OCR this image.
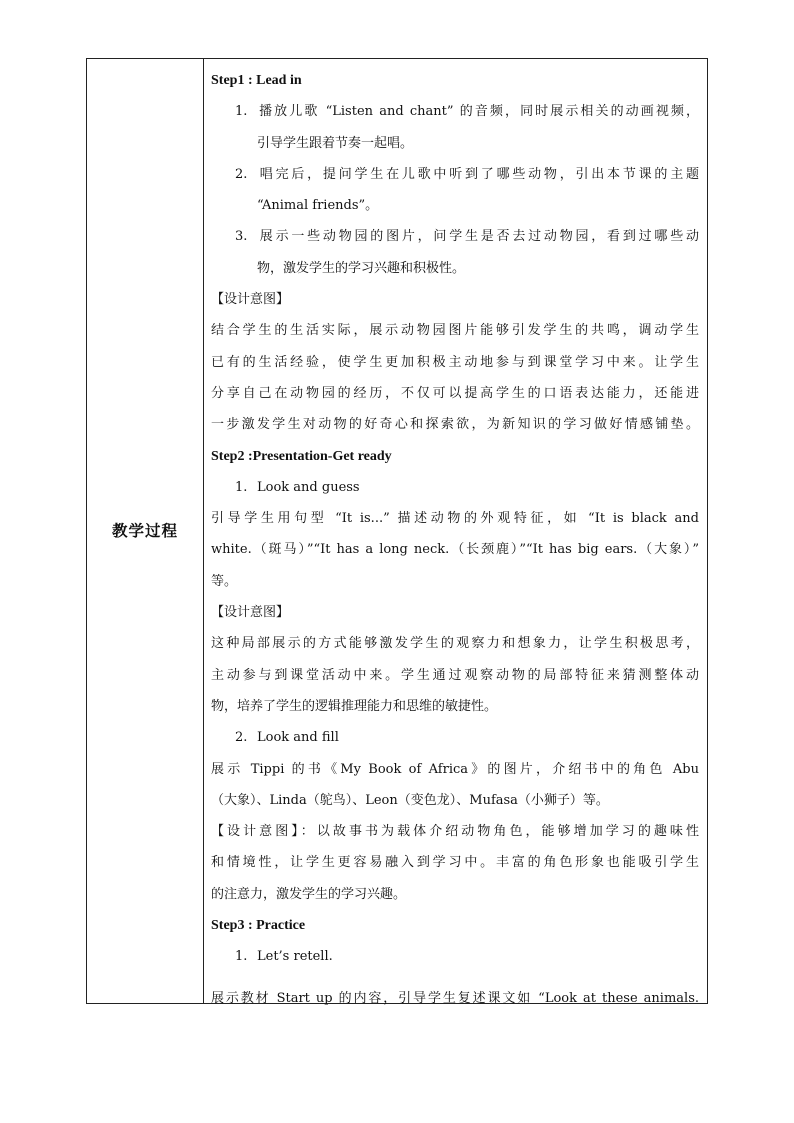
教学过程
Step1 : Lead in
1. 播放儿歌 “Listen and chant” 的音频，同时展示相关的动画视频，
引导学生跟着节奏一起唱。
2. 唱完后，提问学生在儿歌中听到了哪些动物，引出本节课的主题
“Animal friends”。
3. 展示一些动物园的图片，问学生是否去过动物园，看到过哪些动
物，激发学生的学习兴趣和积极性。
【设计意图】
结合学生的生活实际，展示动物园图片能够引发学生的共鸣，调动学生
已有的生活经验，使学生更加积极主动地参与到课堂学习中来。让学生
分享自己在动物园的经历，不仅可以提高学生的口语表达能力，还能进
一步激发学生对动物的好奇心和探索欲，为新知识的学习做好情感铺垫。
Step2 :Presentation-Get ready
1. Look and guess
引导学生用句型 “It is...” 描述动物的外观特征，如 “It is black and
white.（斑马）”“It has a long neck.（长颈鹿）”“It has big ears.（大象）”
等。
【设计意图】
这种局部展示的方式能够激发学生的观察力和想象力，让学生积极思考，
主动参与到课堂活动中来。学生通过观察动物的局部特征来猜测整体动
物，培养了学生的逻辑推理能力和思维的敏捷性。
2. Look and fill
展示 Tippi 的书《My Book of Africa》的图片，介绍书中的角色 Abu
（大象）、Linda（鸵鸟）、Leon（变色龙）、Mufasa（小狮子）等。
【设计意图】：以故事书为载体介绍动物角色，能够增加学习的趣味性
和情境性，让学生更容易融入到学习中。丰富的角色形象也能吸引学生
的注意力，激发学生的学习兴趣。
Step3 : Practice
1. Let’s retell.
展示教材 Start up 的内容，引导学生复述课文如 “Look at these animals.
